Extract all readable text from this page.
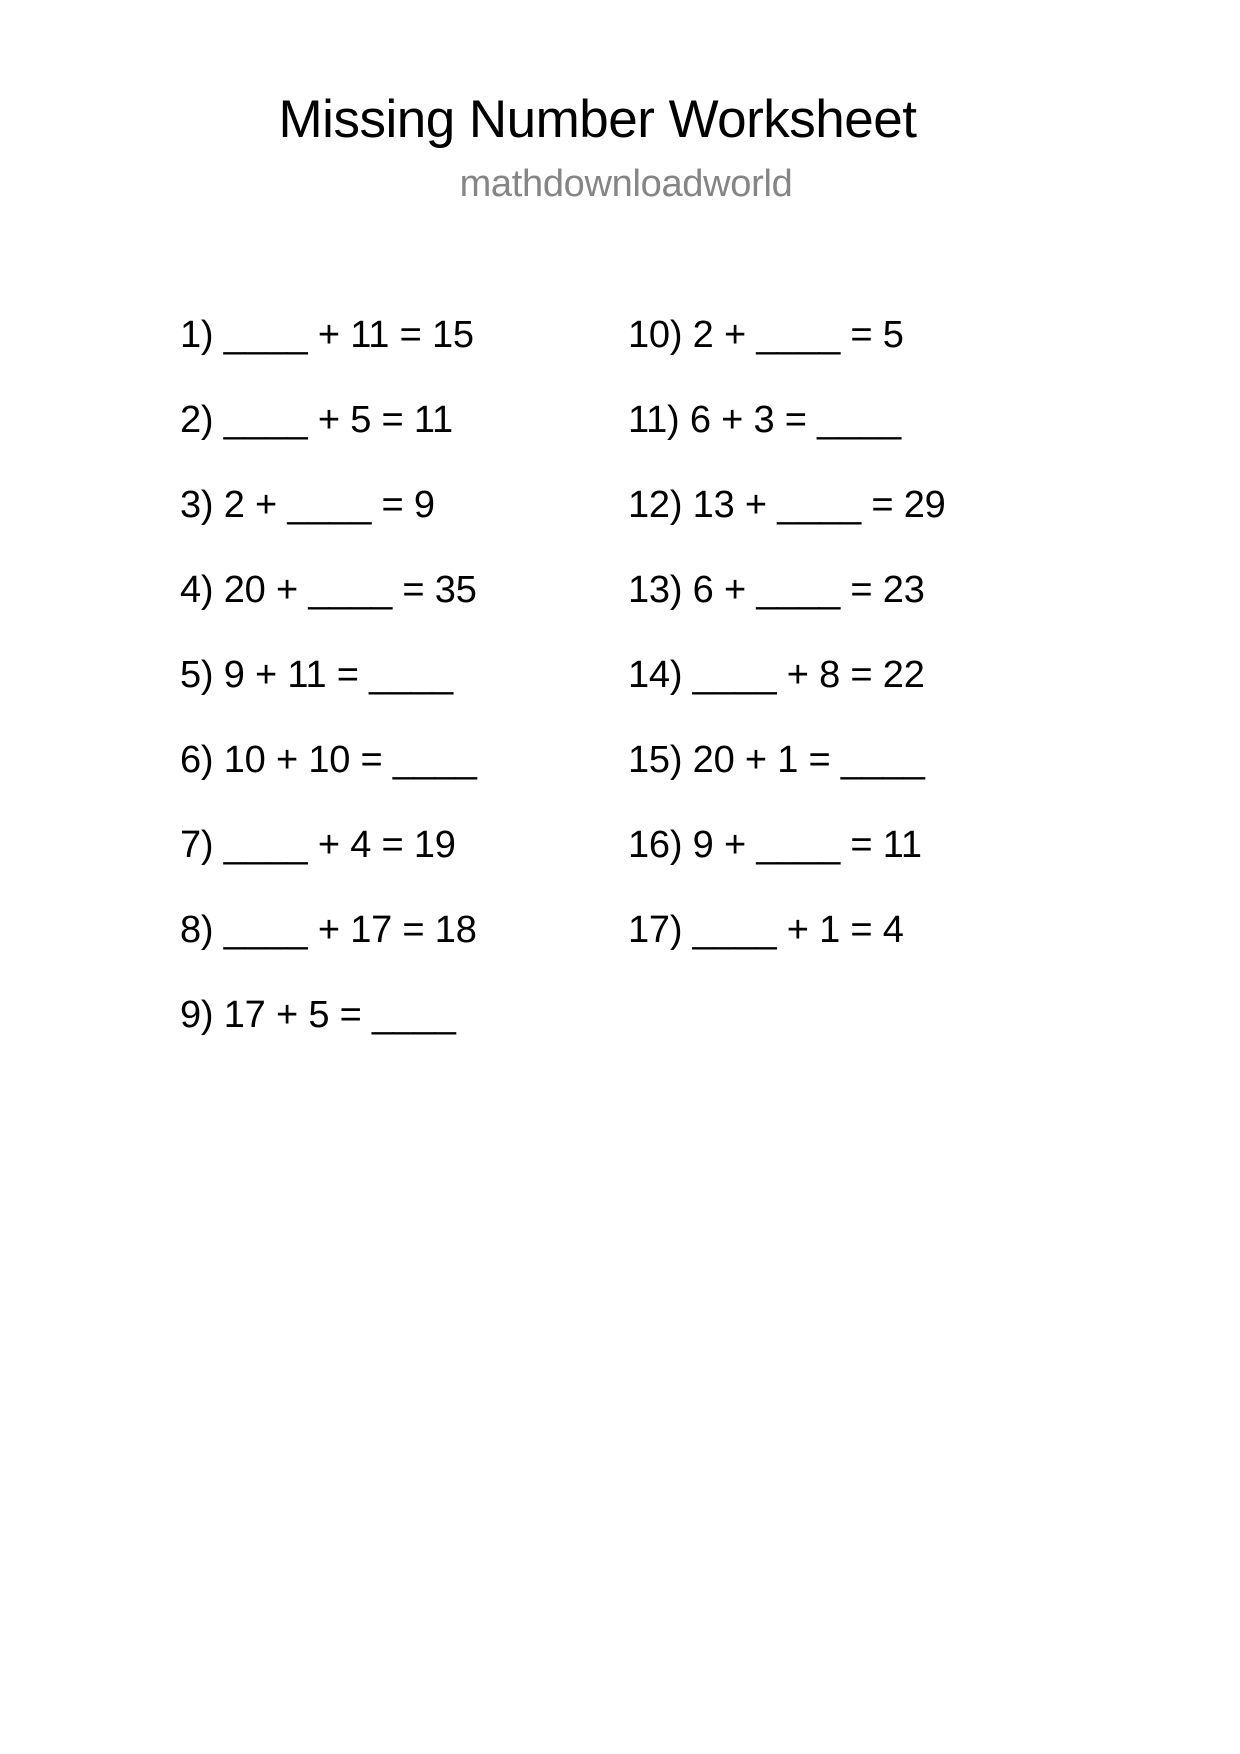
Missing Number Worksheet
mathdownloadworld
1) ____ + 11 = 15
2) ____ + 5 = 11
3) 2 + ____ = 9
4) 20 + ____ = 35
5) 9 + 11 = ____
6) 10 + 10 = ____
7) ____ + 4 = 19
8) ____ + 17 = 18
9) 17 + 5 = ____
10) 2 + ____ = 5
11) 6 + 3 = ____
12) 13 + ____ = 29
13) 6 + ____ = 23
14) ____ + 8 = 22
15) 20 + 1 = ____
16) 9 + ____ = 11
17) ____ + 1 = 4
